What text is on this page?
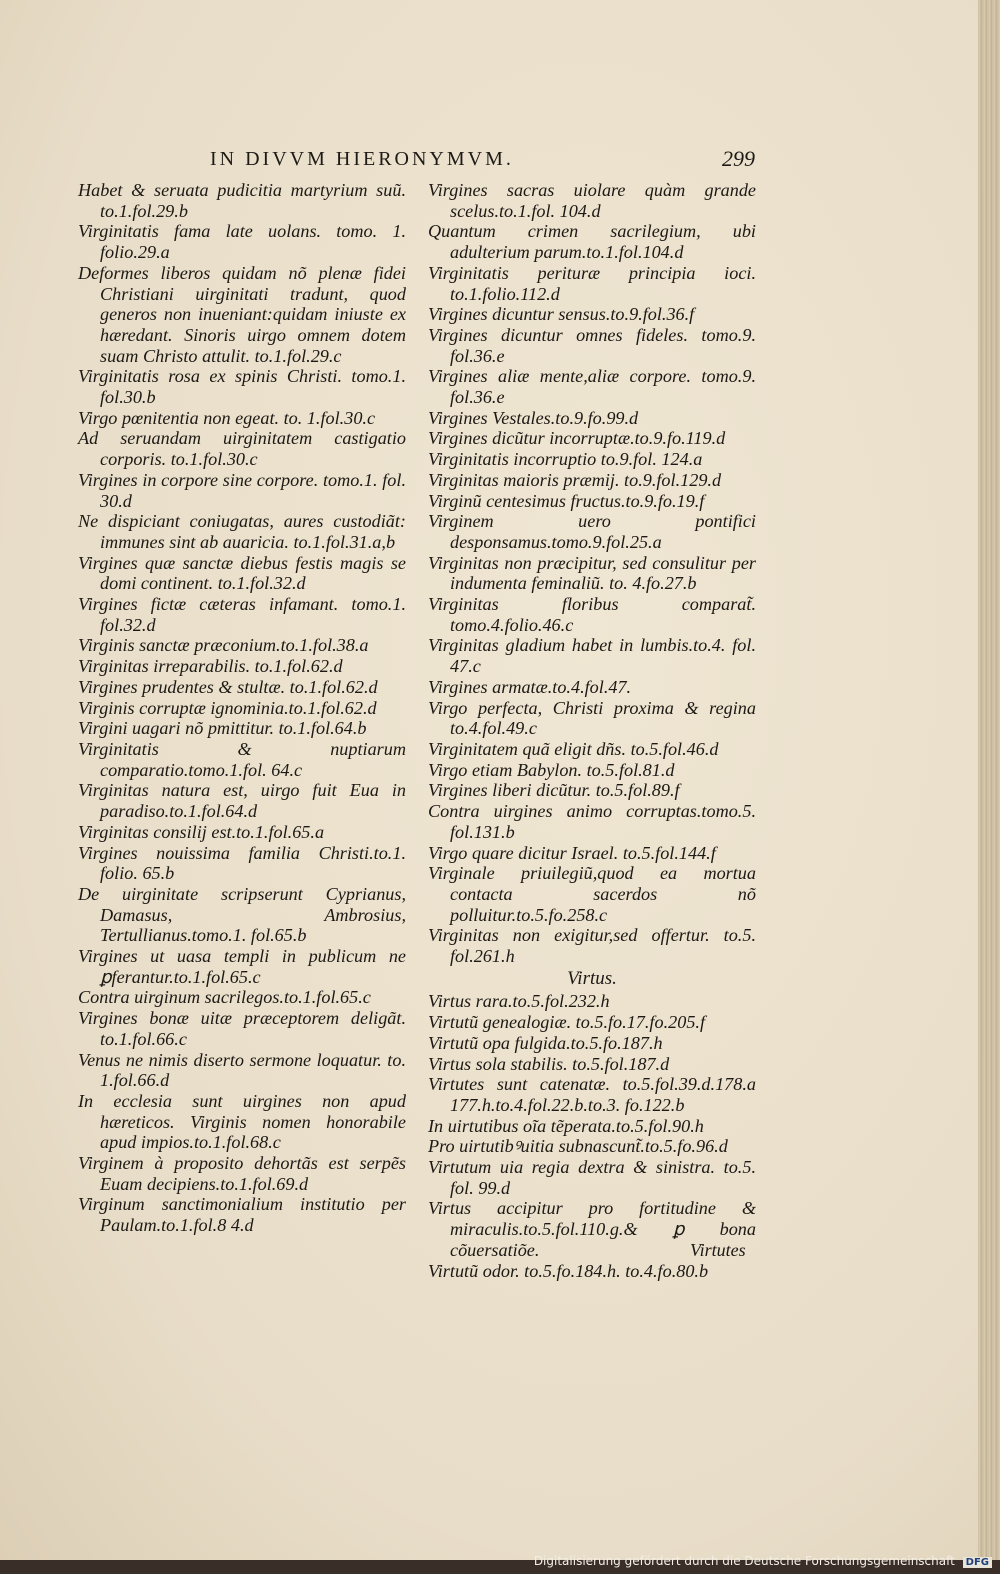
IN DIVVM HIERONYMVM.	299

Habet & seruata pudicitia martyrium suũ. to.1.fol.29.b

Virginitatis fama late uolans. tomo. 1. folio.29.a

Deformes liberos quidam nõ plenæ fidei Christiani uirginitati tradunt, quod generos non inueniant:quidam iniuste ex hæredant. Sinoris uirgo omnem dotem suam Christo attulit. to.1.fol.29.c

Virginitatis rosa ex spinis Christi. tomo.1. fol.30.b

Virgo pœnitentia non egeat. to. 1.fol.30.c

Ad seruandam uirginitatem castigatio corporis. to.1.fol.30.c

Virgines in corpore sine corpore. tomo.1. fol. 30.d

Ne dispiciant coniugatas, aures custodiãt: immunes sint ab auaricia. to.1.fol.31.a,b

Virgines quæ sanctæ diebus festis magis se domi continent. to.1.fol.32.d

Virgines fictæ cæteras infamant. tomo.1. fol.32.d

Virginis sanctæ præconium.to.1.fol.38.a

Virginitas irreparabilis. to.1.fol.62.d

Virgines prudentes & stultæ. to.1.fol.62.d

Virginis corruptæ ignominia.to.1.fol.62.d

Virgini uagari nõ pmittitur. to.1.fol.64.b

Virginitatis & nuptiarum comparatio.tomo.1.fol. 64.c

Virginitas natura est, uirgo fuit Eua in paradiso.to.1.fol.64.d

Virginitas consilij est.to.1.fol.65.a

Virgines nouissima familia Christi.to.1. folio. 65.b

De uirginitate scripserunt Cyprianus, Damasus, Ambrosius, Tertullianus.tomo.1. fol.65.b

Virgines ut uasa templi in publicum ne ꝑferantur.to.1.fol.65.c

Contra uirginum sacrilegos.to.1.fol.65.c

Virgines bonæ uitæ præceptorem deligãt. to.1.fol.66.c

Venus ne nimis diserto sermone loquatur. to. 1.fol.66.d

In ecclesia sunt uirgines non apud hæreticos. Virginis nomen honorabile apud impios.to.1.fol.68.c

Virginem à proposito dehortãs est serpẽs Euam decipiens.to.1.fol.69.d

Virginum sanctimonialium institutio per Paulam.to.1.fol.8 4.d

Virgines sacras uiolare quàm grande scelus.to.1.fol. 104.d

Quantum crimen sacrilegium, ubi adulterium parum.to.1.fol.104.d

Virginitatis perituræ principia ioci. to.1.folio.112.d

Virgines dicuntur sensus.to.9.fol.36.f

Virgines dicuntur omnes fideles. tomo.9. fol.36.e

Virgines aliæ mente,aliæ corpore. tomo.9. fol.36.e

Virgines Vestales.to.9.fo.99.d

Virgines dicũtur incorruptæ.to.9.fo.119.d

Virginitatis incorruptio to.9.fol. 124.a

Virginitas maioris præmij. to.9.fol.129.d

Virginũ centesimus fructus.to.9.fo.19.f

Virginem uero pontifici desponsamus.tomo.9.fol.25.a

Virginitas non præcipitur, sed consulitur per indumenta feminaliũ. to. 4.fo.27.b

Virginitas floribus comparat̃. tomo.4.folio.46.c

Virginitas gladium habet in lumbis.to.4. fol. 47.c

Virgines armatæ.to.4.fol.47.

Virgo perfecta, Christi proxima & regina to.4.fol.49.c

Virginitatem quã eligit dñs. to.5.fol.46.d

Virgo etiam Babylon. to.5.fol.81.d

Virgines liberi dicũtur. to.5.fol.89.f

Contra uirgines animo corruptas.tomo.5. fol.131.b

Virgo quare dicitur Israel. to.5.fol.144.f

Virginale priuilegiũ,quod ea mortua contacta sacerdos nõ polluitur.to.5.fo.258.c

Virginitas non exigitur,sed offertur. to.5. fol.261.h

Virtus.

Virtus rara.to.5.fol.232.h

Virtutũ genealogiæ. to.5.fo.17.fo.205.f

Virtutũ opa fulgida.to.5.fo.187.h

Virtus sola stabilis. to.5.fol.187.d

Virtutes sunt catenatæ. to.5.fol.39.d.178.a 177.h.to.4.fol.22.b.to.3. fo.122.b

In uirtutibus oĩa tẽperata.to.5.fol.90.h

Pro uirtutibꝰuitia subnascunt̃.to.5.fo.96.d

Virtutum uia regia dextra & sinistra. to.5. fol. 99.d

Virtus accipitur pro fortitudine & miraculis.to.5.fol.110.g.& ꝑ bona cõuersatiõe.

Virtutũ odor. to.5.fo.184.h. to.4.fo.80.b

Virtutes
Digitalisierung gefördert durch die Deutsche Forschungsgemeinschaft DFG
